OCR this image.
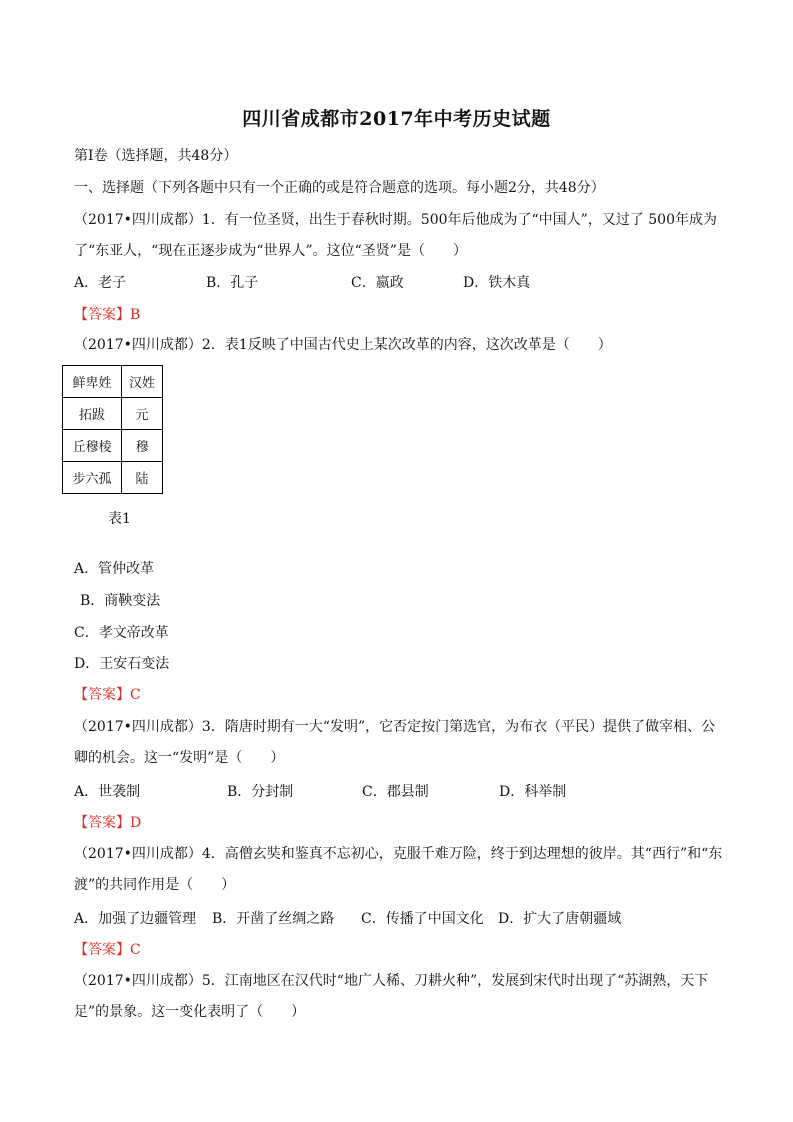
四川省成都市2017年中考历史试题
第I卷（选择题，共48分）
一、选择题（下列各题中只有一个正确的或是符合题意的选项。每小题2分，共48分）
（2017•四川成都）1．有一位圣贤，出生于春秋时期。500年后他成为了“中国人”，又过了 500年成为
了“东亚人，“现在正逐步成为“世界人”。这位“圣贤”是（　　）
A．老子	B．孔子	C．嬴政	D．铁木真
【答案】B
（2017•四川成都）2．表1反映了中国古代史上某次改革的内容，这次改革是（　　）
鲜卑姓	汉姓
拓跋	元
丘穆棱	穆
步六孤	陆
表1
A．管仲改革
B．商鞅变法
C．孝文帝改革
D．王安石变法
【答案】C
（2017•四川成都）3．隋唐时期有一大“发明”，它否定按门第选官，为布衣（平民）提供了做宰相、公
卿的机会。这一“发明”是（　　）
A．世袭制	B．分封制	C．郡县制	D．科举制
【答案】D
（2017•四川成都）4．高僧玄奘和鉴真不忘初心，克服千难万险，终于到达理想的彼岸。其“西行”和“东
渡”的共同作用是（　　）
A．加强了边疆管理 B．开凿了丝绸之路 C．传播了中国文化 D．扩大了唐朝疆域
【答案】C
（2017•四川成都）5．江南地区在汉代时“地广人稀、刀耕火种”，发展到宋代时出现了“苏湖熟，天下
足”的景象。这一变化表明了（　　）
